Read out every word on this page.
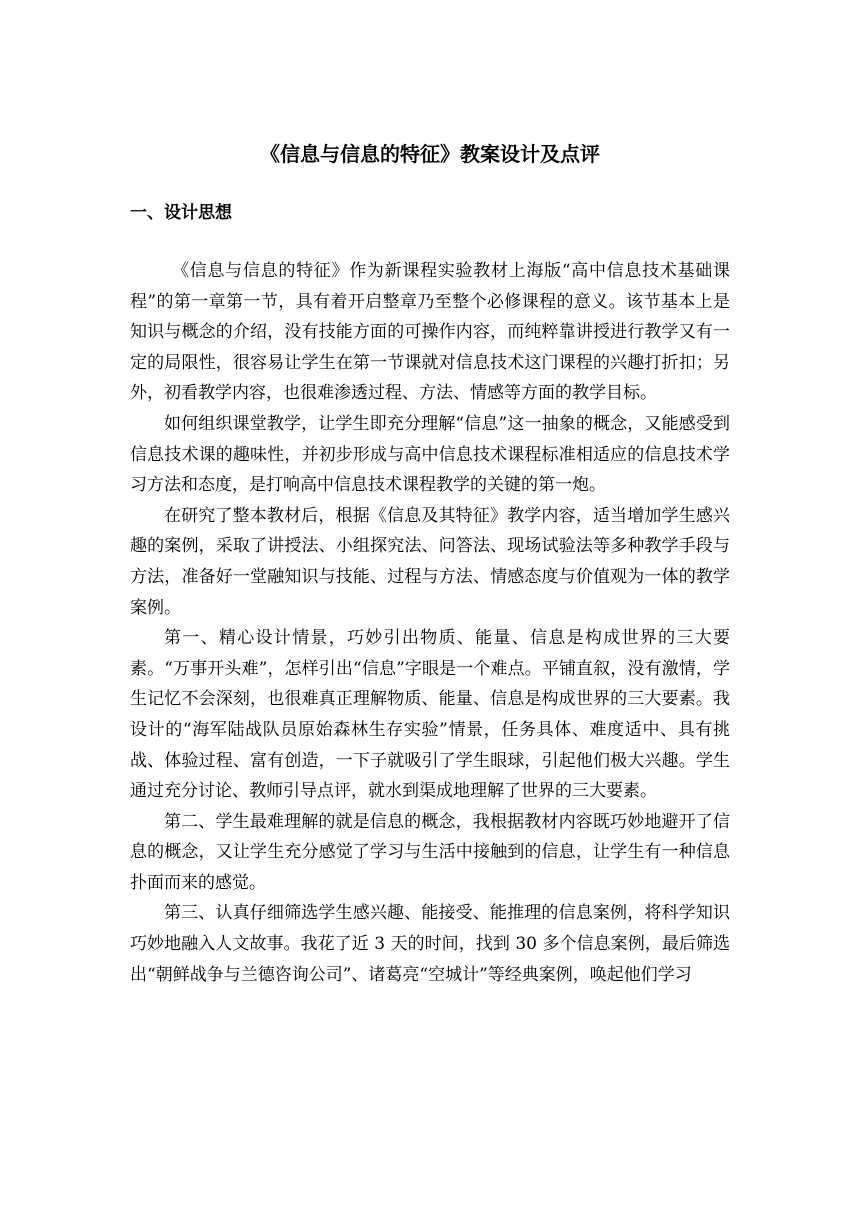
《信息与信息的特征》教案设计及点评
一、设计思想

《信息与信息的特征》作为新课程实验教材上海版“高中信息技术基础课程”的第一章第一节，具有着开启整章乃至整个必修课程的意义。该节基本上是知识与概念的介绍，没有技能方面的可操作内容，而纯粹靠讲授进行教学又有一定的局限性，很容易让学生在第一节课就对信息技术这门课程的兴趣打折扣；另外，初看教学内容，也很难渗透过程、方法、情感等方面的教学目标。

如何组织课堂教学，让学生即充分理解“信息”这一抽象的概念，又能感受到信息技术课的趣味性，并初步形成与高中信息技术课程标准相适应的信息技术学习方法和态度，是打响高中信息技术课程教学的关键的第一炮。

在研究了整本教材后，根据《信息及其特征》教学内容，适当增加学生感兴趣的案例，采取了讲授法、小组探究法、问答法、现场试验法等多种教学手段与方法，准备好一堂融知识与技能、过程与方法、情感态度与价值观为一体的教学案例。

第一、精心设计情景，巧妙引出物质、能量、信息是构成世界的三大要素。“万事开头难”，怎样引出“信息”字眼是一个难点。平铺直叙，没有激情，学生记忆不会深刻，也很难真正理解物质、能量、信息是构成世界的三大要素。我设计的“海军陆战队员原始森林生存实验”情景，任务具体、难度适中、具有挑战、体验过程、富有创造，一下子就吸引了学生眼球，引起他们极大兴趣。学生通过充分讨论、教师引导点评，就水到渠成地理解了世界的三大要素。

第二、学生最难理解的就是信息的概念，我根据教材内容既巧妙地避开了信息的概念，又让学生充分感觉了学习与生活中接触到的信息，让学生有一种信息扑面而来的感觉。

第三、认真仔细筛选学生感兴趣、能接受、能推理的信息案例，将科学知识巧妙地融入人文故事。我花了近 3 天的时间，找到 30 多个信息案例，最后筛选出“朝鲜战争与兰德咨询公司”、诸葛亮“空城计”等经典案例，唤起他们学习
